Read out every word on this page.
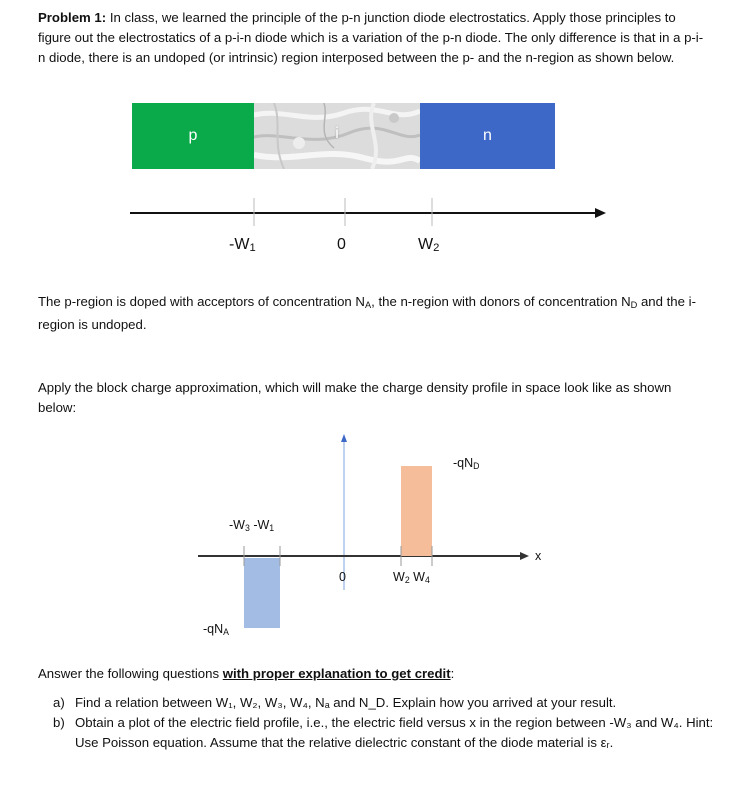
Problem 1: In class, we learned the principle of the p-n junction diode electrostatics. Apply those principles to figure out the electrostatics of a p-i-n diode which is a variation of the p-n diode. The only difference is that in a p-i-n diode, there is an undoped (or intrinsic) region interposed between the p- and the n-region as shown below.
p	i	n
$-W_1$	0	$W_2$
The p-region is doped with acceptors of concentration $N_A$, the n-region with donors of concentration $N_D$ and the i-region is undoped.
Apply the block charge approximation, which will make the charge density profile in space look like as shown below:
$-qN_D$
$-W_3$ $-W_1$
0	$W_2$ $W_4$
x
$-qN_A$
Answer the following questions with proper explanation to get credit:
a) Find a relation between W₁, W₂, W₃, W₄, Nₐ and N_D. Explain how you arrived at your result.
b) Obtain a plot of the electric field profile, i.e., the electric field versus x in the region between -W₃ and W₄. Hint: Use Poisson equation. Assume that the relative dielectric constant of the diode material is εᵣ.
